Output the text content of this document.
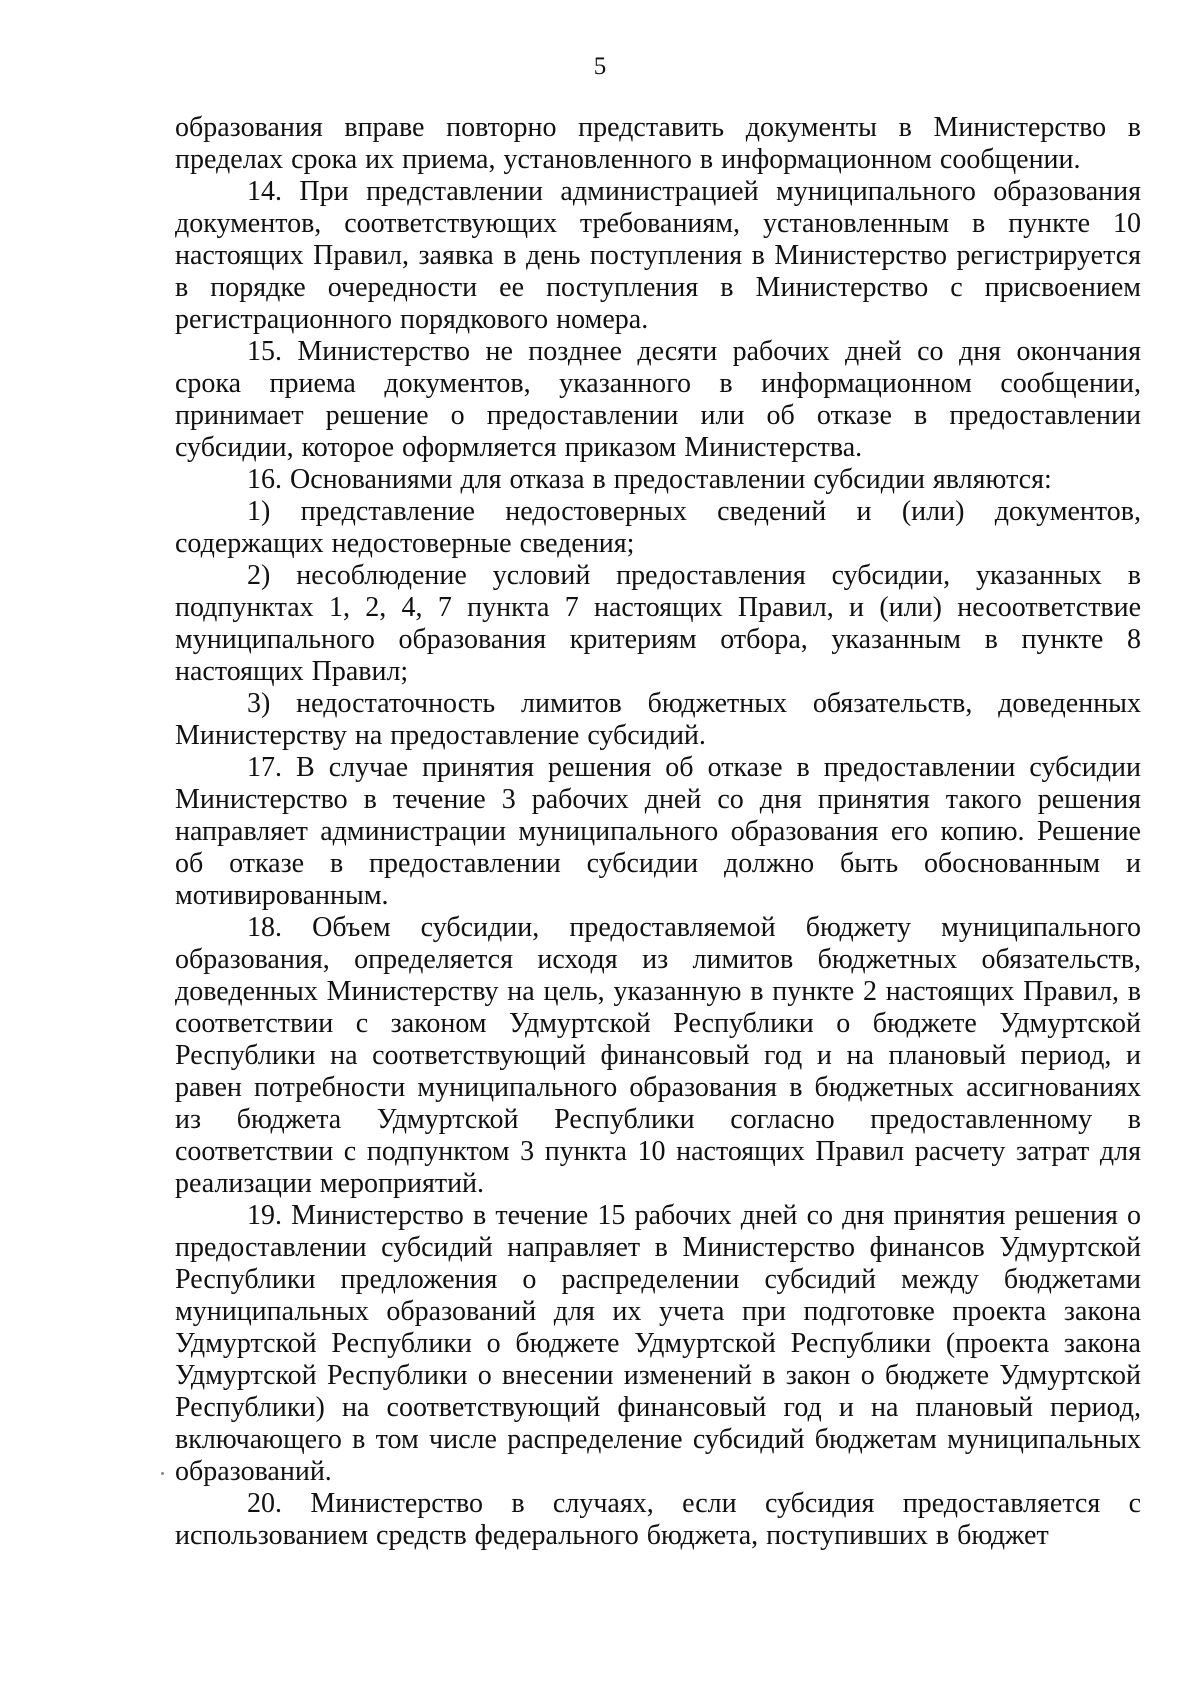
5

образования вправе повторно представить документы в Министерство в пределах срока их приема, установленного в информационном сообщении.

14. При представлении администрацией муниципального образования документов, соответствующих требованиям, установленным в пункте 10 настоящих Правил, заявка в день поступления в Министерство регистрируется в порядке очередности ее поступления в Министерство с присвоением регистрационного порядкового номера.

15. Министерство не позднее десяти рабочих дней со дня окончания срока приема документов, указанного в информационном сообщении, принимает решение о предоставлении или об отказе в предоставлении субсидии, которое оформляется приказом Министерства.

16. Основаниями для отказа в предоставлении субсидии являются:

1) представление недостоверных сведений и (или) документов, содержащих недостоверные сведения;

2) несоблюдение условий предоставления субсидии, указанных в подпунктах 1, 2, 4, 7 пункта 7 настоящих Правил, и (или) несоответствие муниципального образования критериям отбора, указанным в пункте 8 настоящих Правил;

3) недостаточность лимитов бюджетных обязательств, доведенных Министерству на предоставление субсидий.

17. В случае принятия решения об отказе в предоставлении субсидии Министерство в течение 3 рабочих дней со дня принятия такого решения направляет администрации муниципального образования его копию. Решение об отказе в предоставлении субсидии должно быть обоснованным и мотивированным.

18. Объем субсидии, предоставляемой бюджету муниципального образования, определяется исходя из лимитов бюджетных обязательств, доведенных Министерству на цель, указанную в пункте 2 настоящих Правил, в соответствии с законом Удмуртской Республики о бюджете Удмуртской Республики на соответствующий финансовый год и на плановый период, и равен потребности муниципального образования в бюджетных ассигнованиях из бюджета Удмуртской Республики согласно предоставленному в соответствии с подпунктом 3 пункта 10 настоящих Правил расчету затрат для реализации мероприятий.

19. Министерство в течение 15 рабочих дней со дня принятия решения о предоставлении субсидий направляет в Министерство финансов Удмуртской Республики предложения о распределении субсидий между бюджетами муниципальных образований для их учета при подготовке проекта закона Удмуртской Республики о бюджете Удмуртской Республики (проекта закона Удмуртской Республики о внесении изменений в закон о бюджете Удмуртской Республики) на соответствующий финансовый год и на плановый период, включающего в том числе распределение субсидий бюджетам муниципальных образований.

20. Министерство в случаях, если субсидия предоставляется с использованием средств федерального бюджета, поступивших в бюджет
